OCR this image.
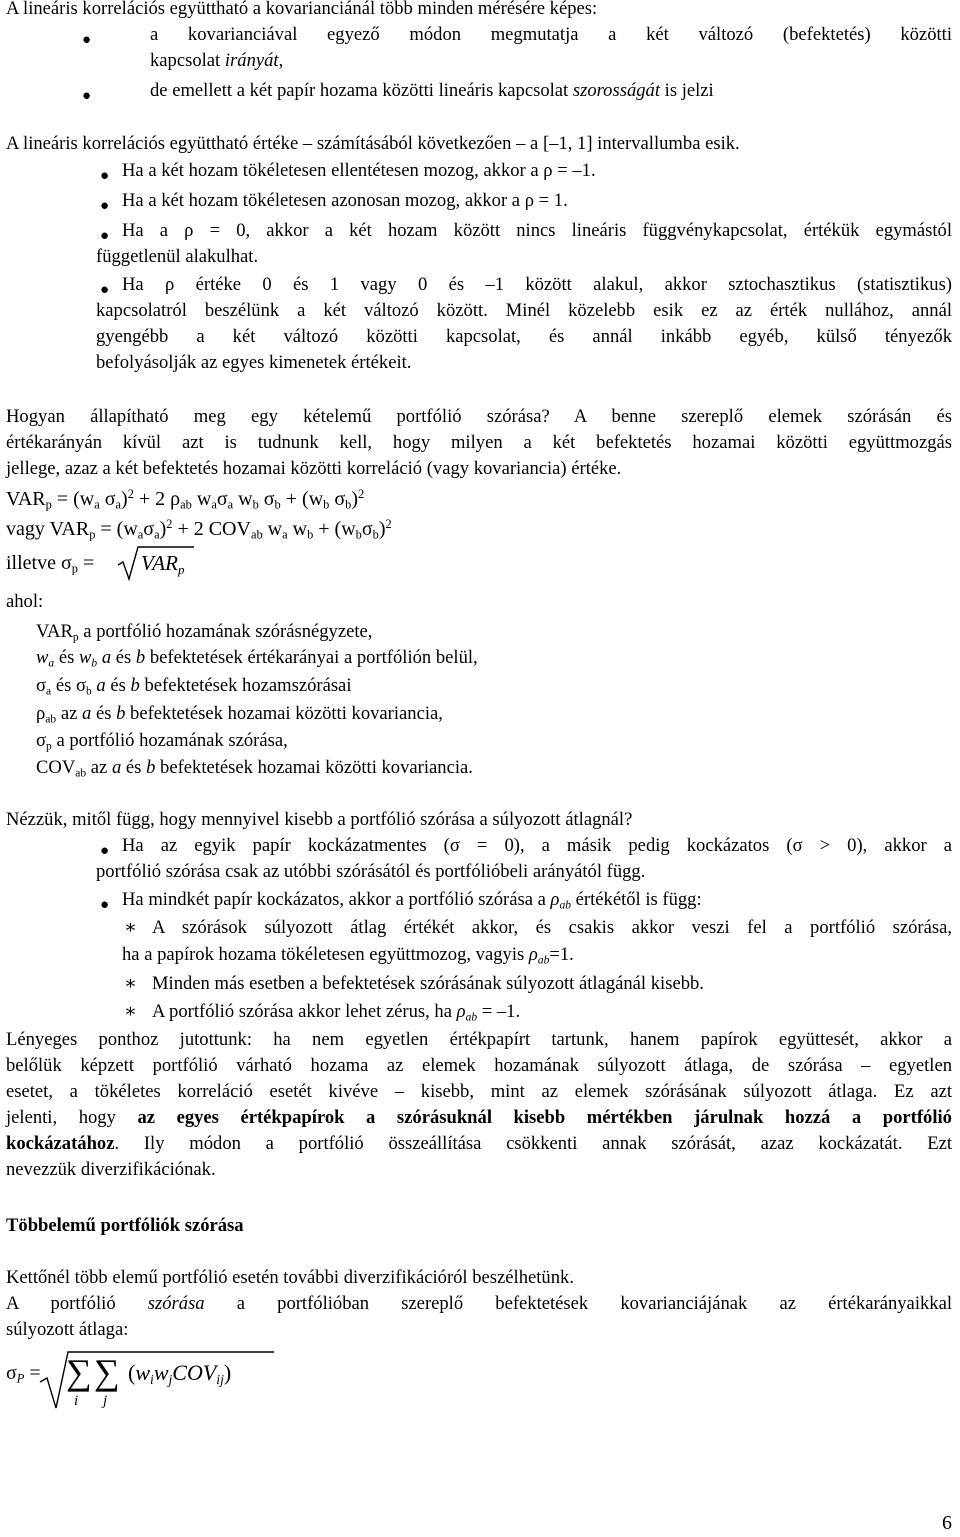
A lineáris korrelációs együttható a kovarianciánál több minden mérésére képes:

●	a kovarianciával egyező módon megmutatja a két változó (befektetés) közötti

kapcsolat irányát,

●	de emellett a két papír hozama közötti lineáris kapcsolat szorosságát is jelzi

A lineáris korrelációs együttható értéke – számításából következően – a [–1, 1] intervallumba esik.

● Ha a két hozam tökéletesen ellentétesen mozog, akkor a ρ = –1.

● Ha a két hozam tökéletesen azonosan mozog, akkor a ρ = 1.

● Ha a ρ = 0, akkor a két hozam között nincs lineáris függvénykapcsolat, értékük egymástól

függetlenül alakulhat.

● Ha ρ értéke 0 és 1 vagy 0 és –1 között alakul, akkor sztochasztikus (statisztikus)

kapcsolatról beszélünk a két változó között. Minél közelebb esik ez az érték nullához, annál

gyengébb a két változó közötti kapcsolat, és annál inkább egyéb, külső tényezők

befolyásolják az egyes kimenetek értékeit.

Hogyan állapítható meg egy kételemű portfólió szórása? A benne szereplő elemek szórásán és

értékarányán kívül azt is tudnunk kell, hogy milyen a két befektetés hozamai közötti együttmozgás

jellege, azaz a két befektetés hozamai közötti korreláció (vagy kovariancia) értéke.

$VAR_p = (w_a$ $\sigma_a)^2 + 2$ $\rho_{ab}$ $w_a\sigma_a$ $w_b$ $\sigma_b + (w_b$ $\sigma_b)^2$

vagy $VAR_p = (w_a\sigma_a)^2 + 2$ $COV_{ab}$ $w_a$ $w_b + (w_b\sigma_b)^2$

illetve $\sigma_p = VAR_p$

ahol:

$VAR_p$ a portfólió hozamának szórásnégyzete,

$w_a$ és $w_b$ a és b befektetések értékarányai a portfólión belül,

$\sigma_a$ és $\sigma_b$ a és b befektetések hozamszórásai

$\rho_{ab}$ az a és b befektetések hozamai közötti kovariancia,

$\sigma_p$ a portfólió hozamának szórása,

$COV_{ab}$ az a és b befektetések hozamai közötti kovariancia.

Nézzük, mitől függ, hogy mennyivel kisebb a portfólió szórása a súlyozott átlagnál?

● Ha az egyik papír kockázatmentes (σ = 0), a másik pedig kockázatos (σ > 0), akkor a

portfólió szórása csak az utóbbi szórásától és portfólióbeli arányától függ.

● Ha mindkét papír kockázatos, akkor a portfólió szórása a $\rho_{ab}$ értékétől is függ:

∗ A szórások súlyozott átlag értékét akkor, és csakis akkor veszi fel a portfólió szórása,

ha a papírok hozama tökéletesen együttmozog, vagyis $\rho_{ab}=1$.

∗ Minden más esetben a befektetések szórásának súlyozott átlagánál kisebb.

∗ A portfólió szórása akkor lehet zérus, ha $\rho_{ab} = -1$.

Lényeges ponthoz jutottunk: ha nem egyetlen értékpapírt tartunk, hanem papírok együttesét, akkor a

belőlük képzett portfólió várható hozama az elemek hozamának súlyozott átlaga, de szórása – egyetlen

esetet, a tökéletes korreláció esetét kivéve – kisebb, mint az elemek szórásának súlyozott átlaga. Ez azt

jelenti, hogy az egyes értékpapírok a szórásuknál kisebb mértékben járulnak hozzá a portfólió

kockázatához. Ily módon a portfólió összeállítása csökkenti annak szórását, azaz kockázatát. Ezt

nevezzük diverzifikációnak.

Többelemű portfóliók szórása

Kettőnél több elemű portfólió esetén további diverzifikációról beszélhetünk.

A portfólió szórása a portfólióban szereplő befektetések kovarianciájának az értékarányaikkal

súlyozott átlaga:

$\sigma_P$ = ∑

i

∑

j

$(w_iw_jCOV_{ij})$

6
